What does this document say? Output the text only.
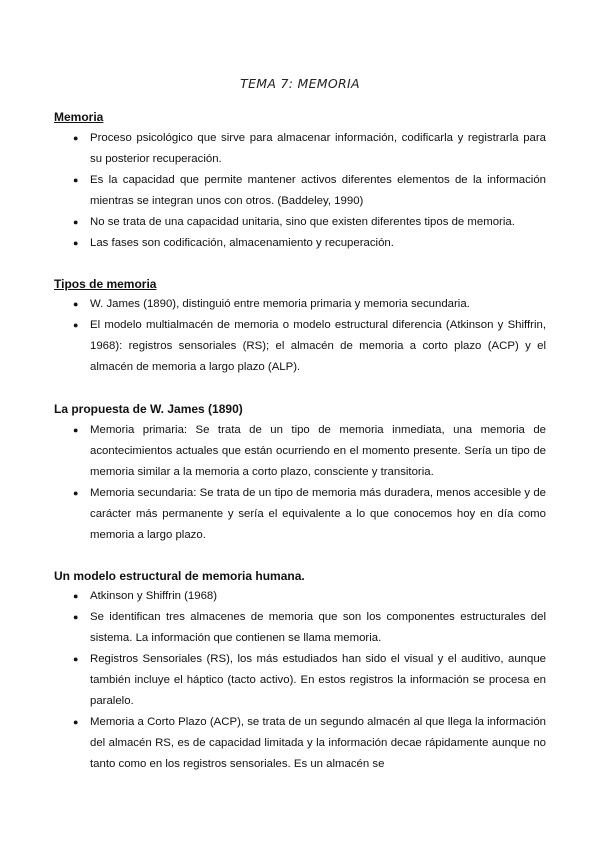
TEMA 7: MEMORIA
Memoria
● Proceso psicológico que sirve para almacenar información, codificarla y registrarla para su posterior recuperación.
● Es la capacidad que permite mantener activos diferentes elementos de la información mientras se integran unos con otros. (Baddeley, 1990)
● No se trata de una capacidad unitaria, sino que existen diferentes tipos de memoria.
● Las fases son codificación, almacenamiento y recuperación.
Tipos de memoria
● W. James (1890), distinguió entre memoria primaria y memoria secundaria.
● El modelo multialmacén de memoria o modelo estructural diferencia (Atkinson y Shiffrin, 1968): registros sensoriales (RS); el almacén de memoria a corto plazo (ACP) y el almacén de memoria a largo plazo (ALP).
La propuesta de W. James (1890)
● Memoria primaria: Se trata de un tipo de memoria inmediata, una memoria de acontecimientos actuales que están ocurriendo en el momento presente. Sería un tipo de memoria similar a la memoria a corto plazo, consciente y transitoria.
● Memoria secundaria: Se trata de un tipo de memoria más duradera, menos accesible y de carácter más permanente y sería el equivalente a lo que conocemos hoy en día como memoria a largo plazo.
Un modelo estructural de memoria humana.
● Atkinson y Shiffrin (1968)
● Se identifican tres almacenes de memoria que son los componentes estructurales del sistema. La información que contienen se llama memoria.
● Registros Sensoriales (RS), los más estudiados han sido el visual y el auditivo, aunque también incluye el háptico (tacto activo). En estos registros la información se procesa en paralelo.
● Memoria a Corto Plazo (ACP), se trata de un segundo almacén al que llega la información del almacén RS, es de capacidad limitada y la información decae rápidamente aunque no tanto como en los registros sensoriales. Es un almacén se
